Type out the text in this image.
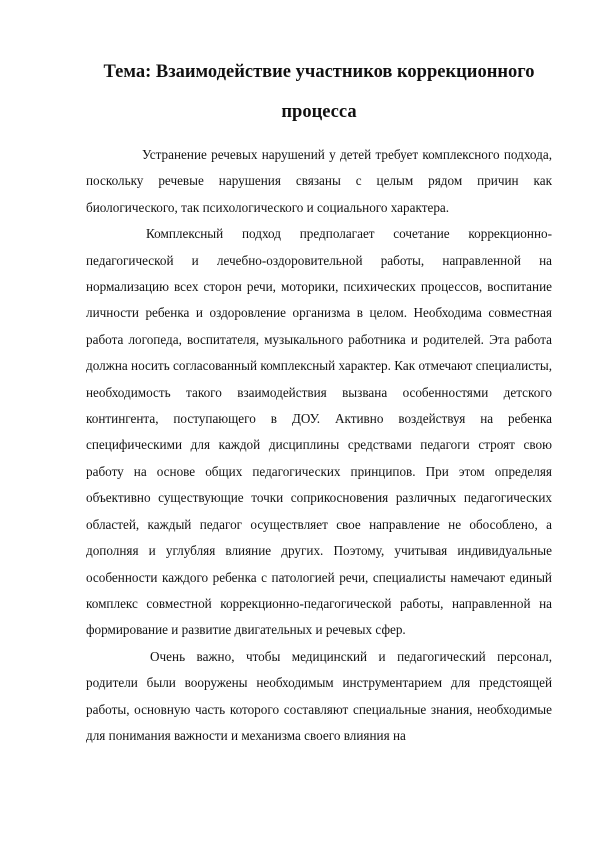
Тема: Взаимодействие участников коррекционного процесса

Устранение речевых нарушений у детей требует комплексного подхода, поскольку речевые нарушения связаны с целым рядом причин как биологического, так психологического и социального характера.

Комплексный подход предполагает сочетание коррекционно-педагогической и лечебно-оздоровительной работы, направленной на нормализацию всех сторон речи, моторики, психических процессов, воспитание личности ребенка и оздоровление организма в целом. Необходима совместная работа логопеда, воспитателя, музыкального работника и родителей. Эта работа должна носить согласованный комплексный характер. Как отмечают специалисты, необходимость такого взаимодействия вызвана особенностями детского контингента, поступающего в ДОУ. Активно воздействуя на ребенка специфическими для каждой дисциплины средствами педагоги строят свою работу на основе общих педагогических принципов. При этом определяя объективно существующие точки соприкосновения различных педагогических областей, каждый педагог осуществляет свое направление не обособлено, а дополняя и углубляя влияние других. Поэтому, учитывая индивидуальные особенности каждого ребенка с патологией речи, специалисты намечают единый комплекс совместной коррекционно-педагогической работы, направленной на формирование и развитие двигательных и речевых сфер.

Очень важно, чтобы медицинский и педагогический персонал, родители были вооружены необходимым инструментарием для предстоящей работы, основную часть которого составляют специальные знания, необходимые для понимания важности и механизма своего влияния на
